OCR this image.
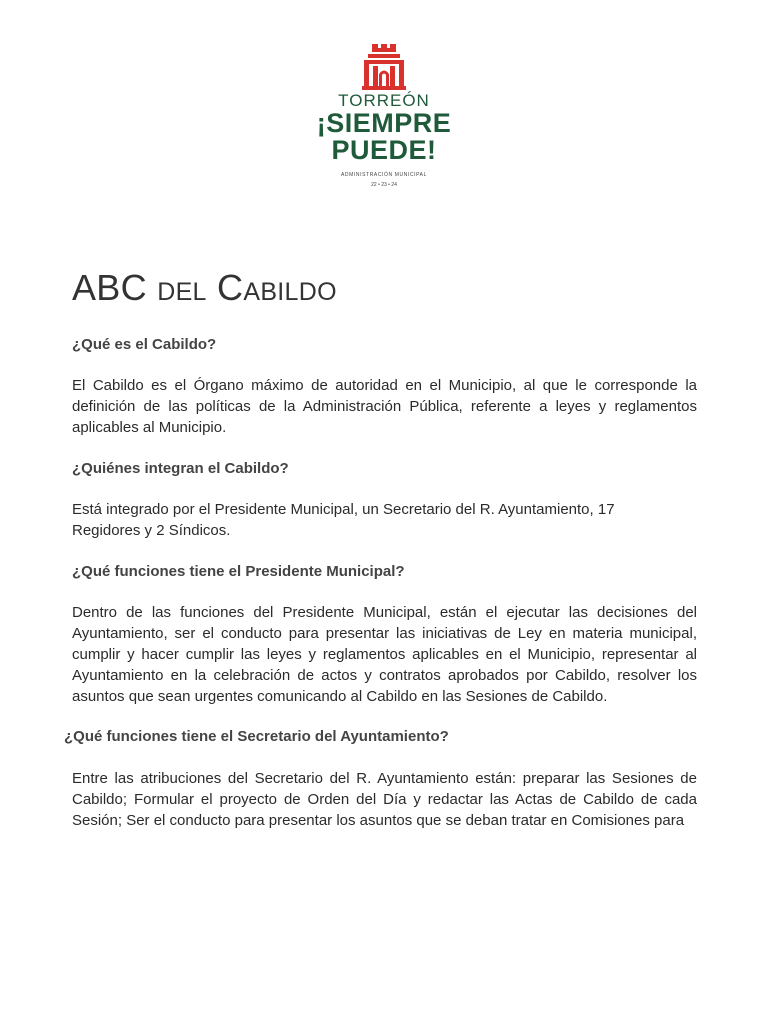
TORREÓN
¡SIEMPRE
PUEDE!
ADMINISTRACIÓN MUNICIPAL
22 • 23 • 24
ABC del Cabildo
¿Qué es el Cabildo?
El Cabildo es el Órgano máximo de autoridad en el Municipio, al que le corresponde la definición de las políticas de la Administración Pública, referente a leyes y reglamentos aplicables al Municipio.
¿Quiénes integran el Cabildo?
Está integrado por el Presidente Municipal, un Secretario del R. Ayuntamiento, 17 Regidores y 2 Síndicos.
¿Qué funciones tiene el Presidente Municipal?
Dentro de las funciones del Presidente Municipal, están el ejecutar las decisiones del Ayuntamiento, ser el conducto para presentar las iniciativas de Ley en materia municipal, cumplir y hacer cumplir las leyes y reglamentos aplicables en el Municipio, representar al Ayuntamiento en la celebración de actos y contratos aprobados por Cabildo, resolver los asuntos que sean urgentes comunicando al Cabildo en las Sesiones de Cabildo.
¿Qué funciones tiene el Secretario del Ayuntamiento?
Entre las atribuciones del Secretario del R. Ayuntamiento están: preparar las Sesiones de Cabildo; Formular el proyecto de Orden del Día y redactar las Actas de Cabildo de cada Sesión; Ser el conducto para presentar los asuntos que se deban tratar en Comisiones para
